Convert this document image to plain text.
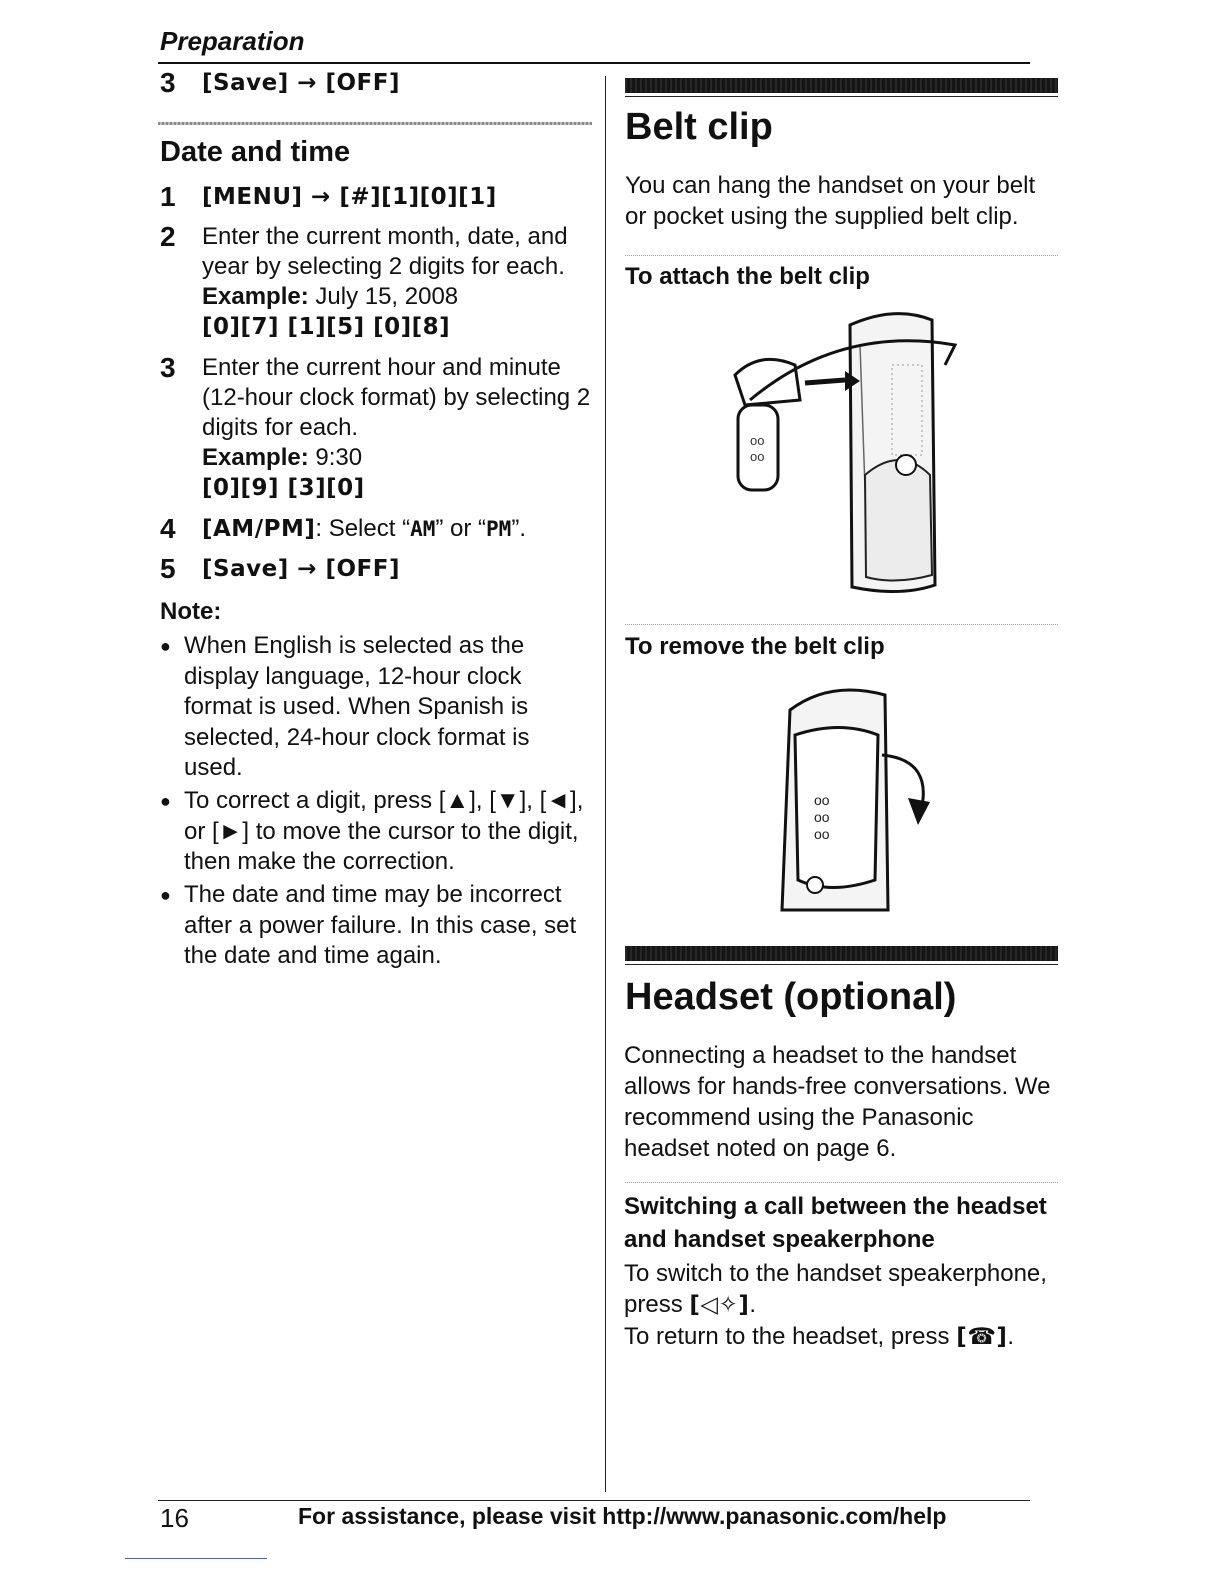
Preparation
3	[Save] → [OFF]
Date and time
1	[MENU] → [#][1][0][1]
2	Enter the current month, date, and year by selecting 2 digits for each.
Example: July 15, 2008
[0][7] [1][5] [0][8]
3	Enter the current hour and minute (12-hour clock format) by selecting 2 digits for each.
Example: 9:30
[0][9] [3][0]
4	[AM/PM]: Select “AM” or “PM”.
5	[Save] → [OFF]
Note:
● When English is selected as the display language, 12-hour clock format is used. When Spanish is selected, 24-hour clock format is used.
● To correct a digit, press [▲], [▼], [◄], or [►] to move the cursor to the digit, then make the correction.
● The date and time may be incorrect after a power failure. In this case, set the date and time again.
Belt clip
You can hang the handset on your belt or pocket using the supplied belt clip.
To attach the belt clip
oo
oo
To remove the belt clip
oo
oo
oo
Headset (optional)
Connecting a headset to the handset allows for hands-free conversations. We recommend using the Panasonic headset noted on page 6.
Switching a call between the headset and handset speakerphone
To switch to the handset speakerphone, press [◁✧].
To return to the headset, press [☎].
16	For assistance, please visit http://www.panasonic.com/help
